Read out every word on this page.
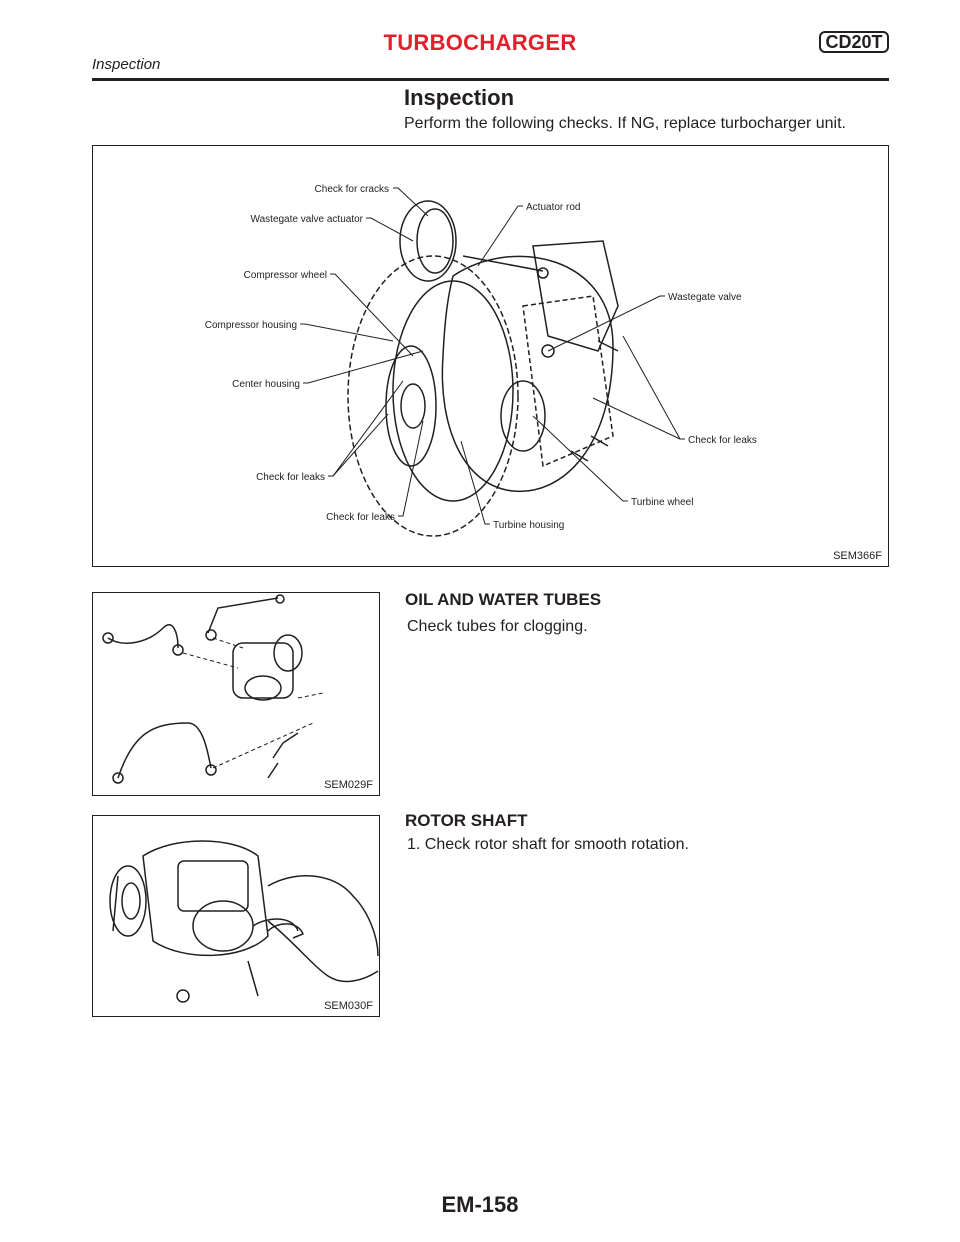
TURBOCHARGER	CD20T
Inspection
Inspection
Perform the following checks. If NG, replace turbocharger unit.
Check for cracks
Wastegate valve actuator
Compressor wheel
Compressor housing
Center housing
Check for leaks
Check for leaks
Actuator rod
Wastegate valve
Check for leaks
Turbine wheel
Turbine housing
SEM366F
SEM029F
OIL AND WATER TUBES
Check tubes for clogging.
SEM030F
ROTOR SHAFT
1. Check rotor shaft for smooth rotation.
EM-158
